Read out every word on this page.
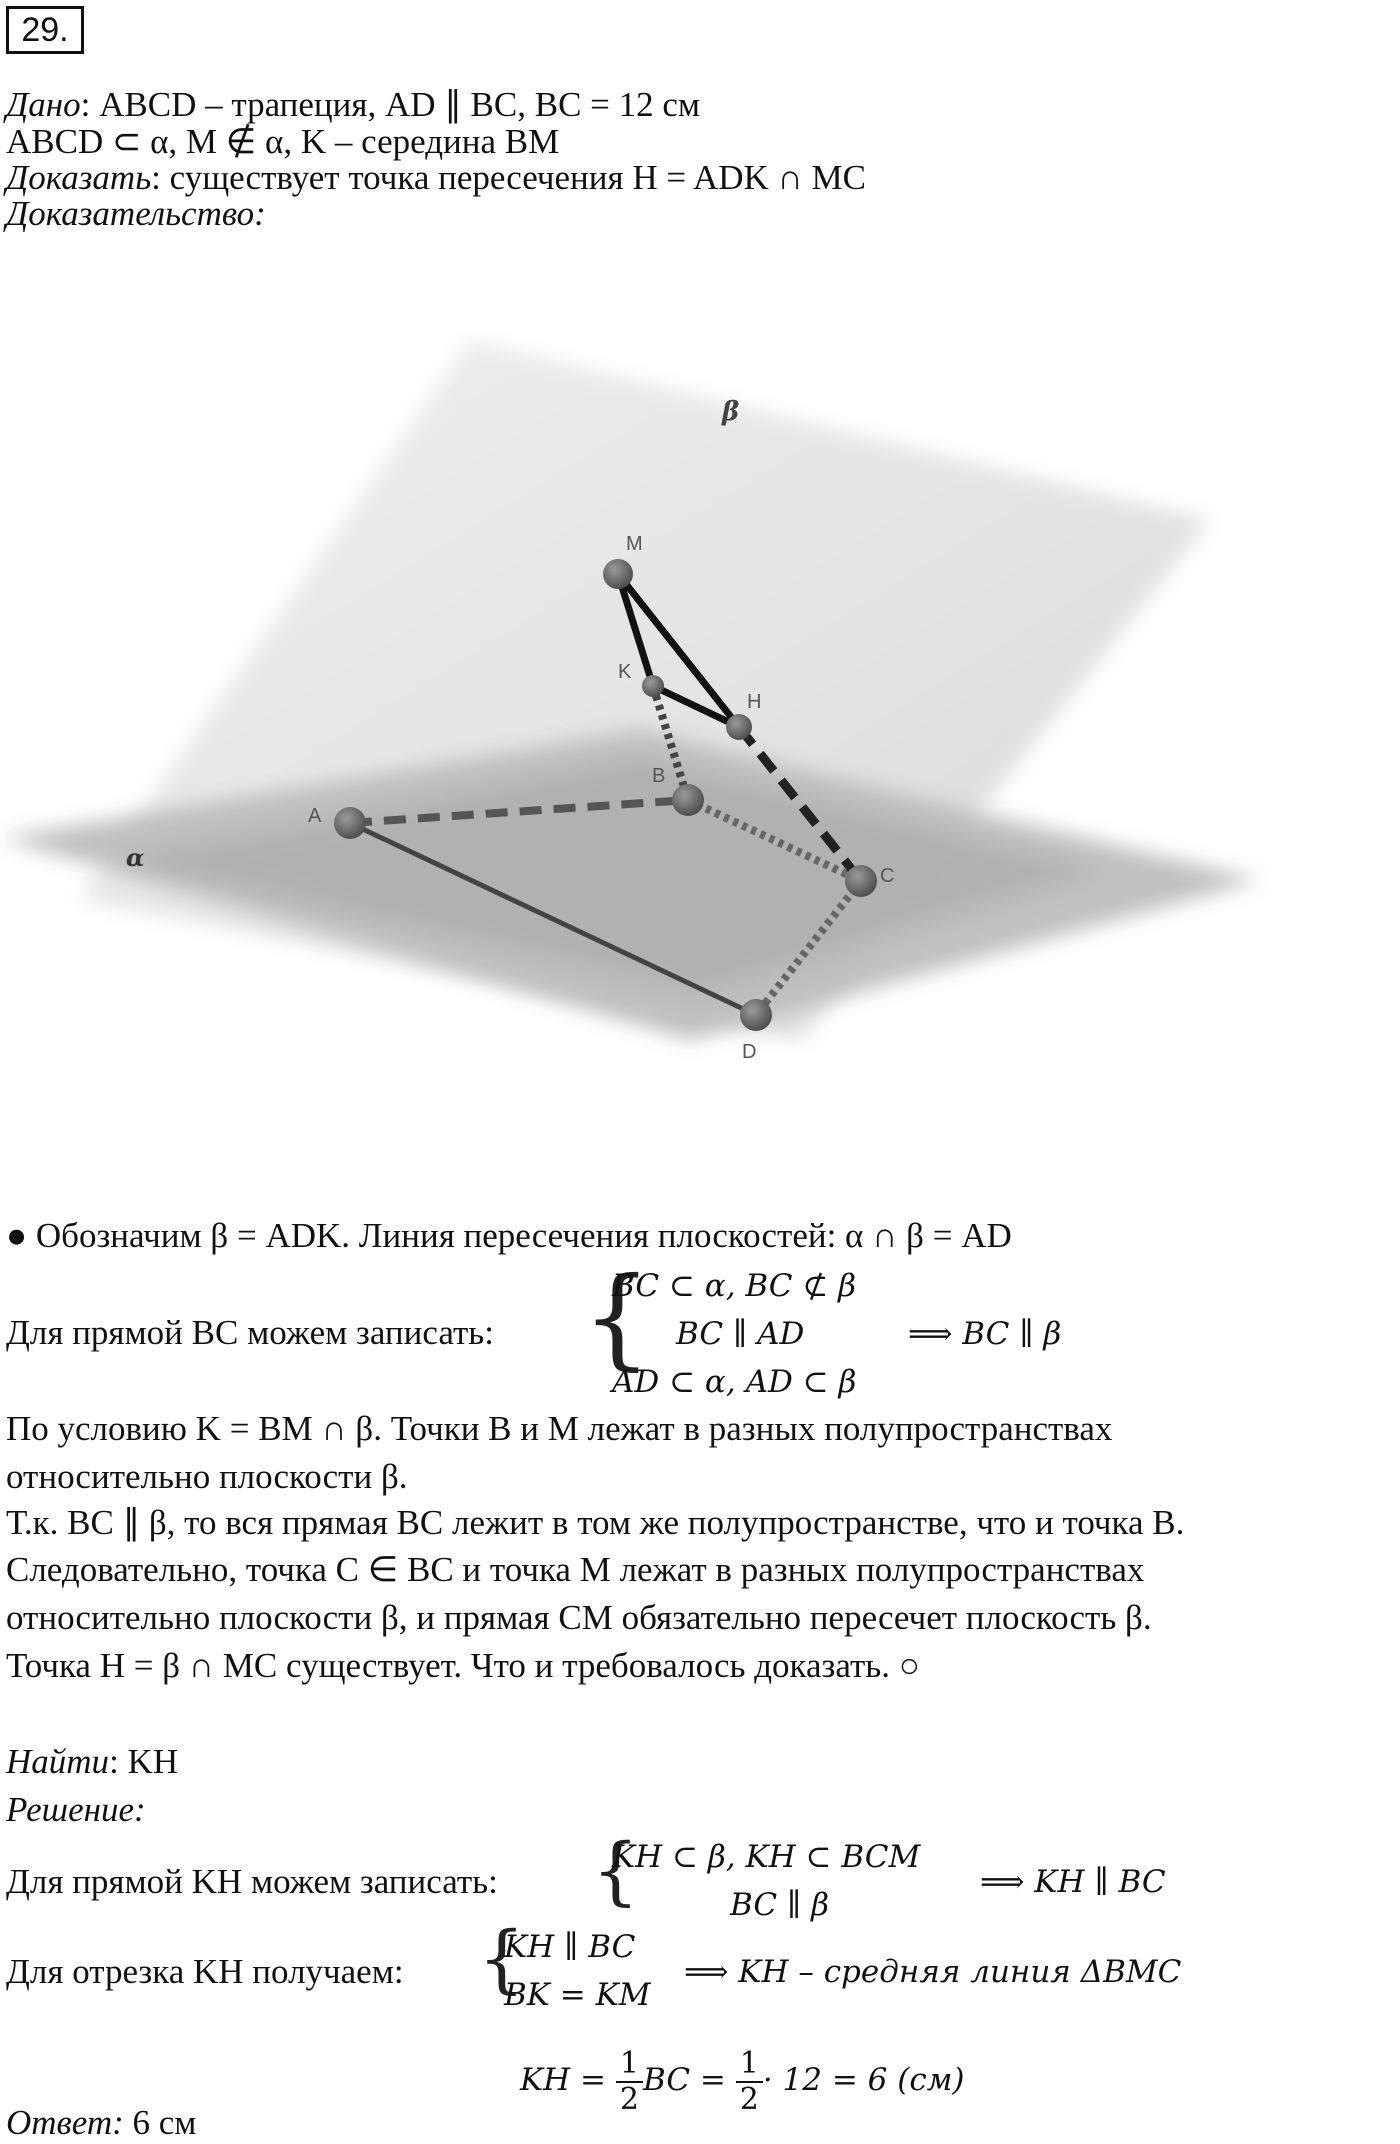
29.
Дано: ABCD – трапеция, AD ∥ BC, BC = 12 см
ABCD ⊂ α, M ∉ α, K – середина BM
Доказать: существует точка пересечения H = ADK ∩ MC
Доказательство:
β
α
M
K
H
B
A
C
D
● Обозначим β = ADK. Линия пересечения плоскостей: α ∩ β = AD
Для прямой BC можем записать: {
BC ⊂ α, BC ⊄ β
BC ∥ AD
AD ⊂ α, AD ⊂ β
⟹ BC ∥ β
По условию K = BM ∩ β. Точки B и M лежат в разных полупространствах
относительно плоскости β.
Т.к. BC ∥ β, то вся прямая BC лежит в том же полупространстве, что и точка B.
Следовательно, точка C ∈ BC и точка M лежат в разных полупространствах
относительно плоскости β, и прямая CM обязательно пересечет плоскость β.
Точка H = β ∩ MC существует. Что и требовалось доказать. ○
Найти: KH
Решение:
Для прямой KH можем записать: {
KH ⊂ β, KH ⊂ BCM
BC ∥ β
⟹ KH ∥ BC
Для отрезка KH получаем: {
KH ∥ BC
BK = KM
⟹ KH – средняя линия ΔBMC
KH = $\frac{1}{2}$ BC = $\frac{1}{2} \cdot 12 = 6$ (см)
Ответ: 6 см
